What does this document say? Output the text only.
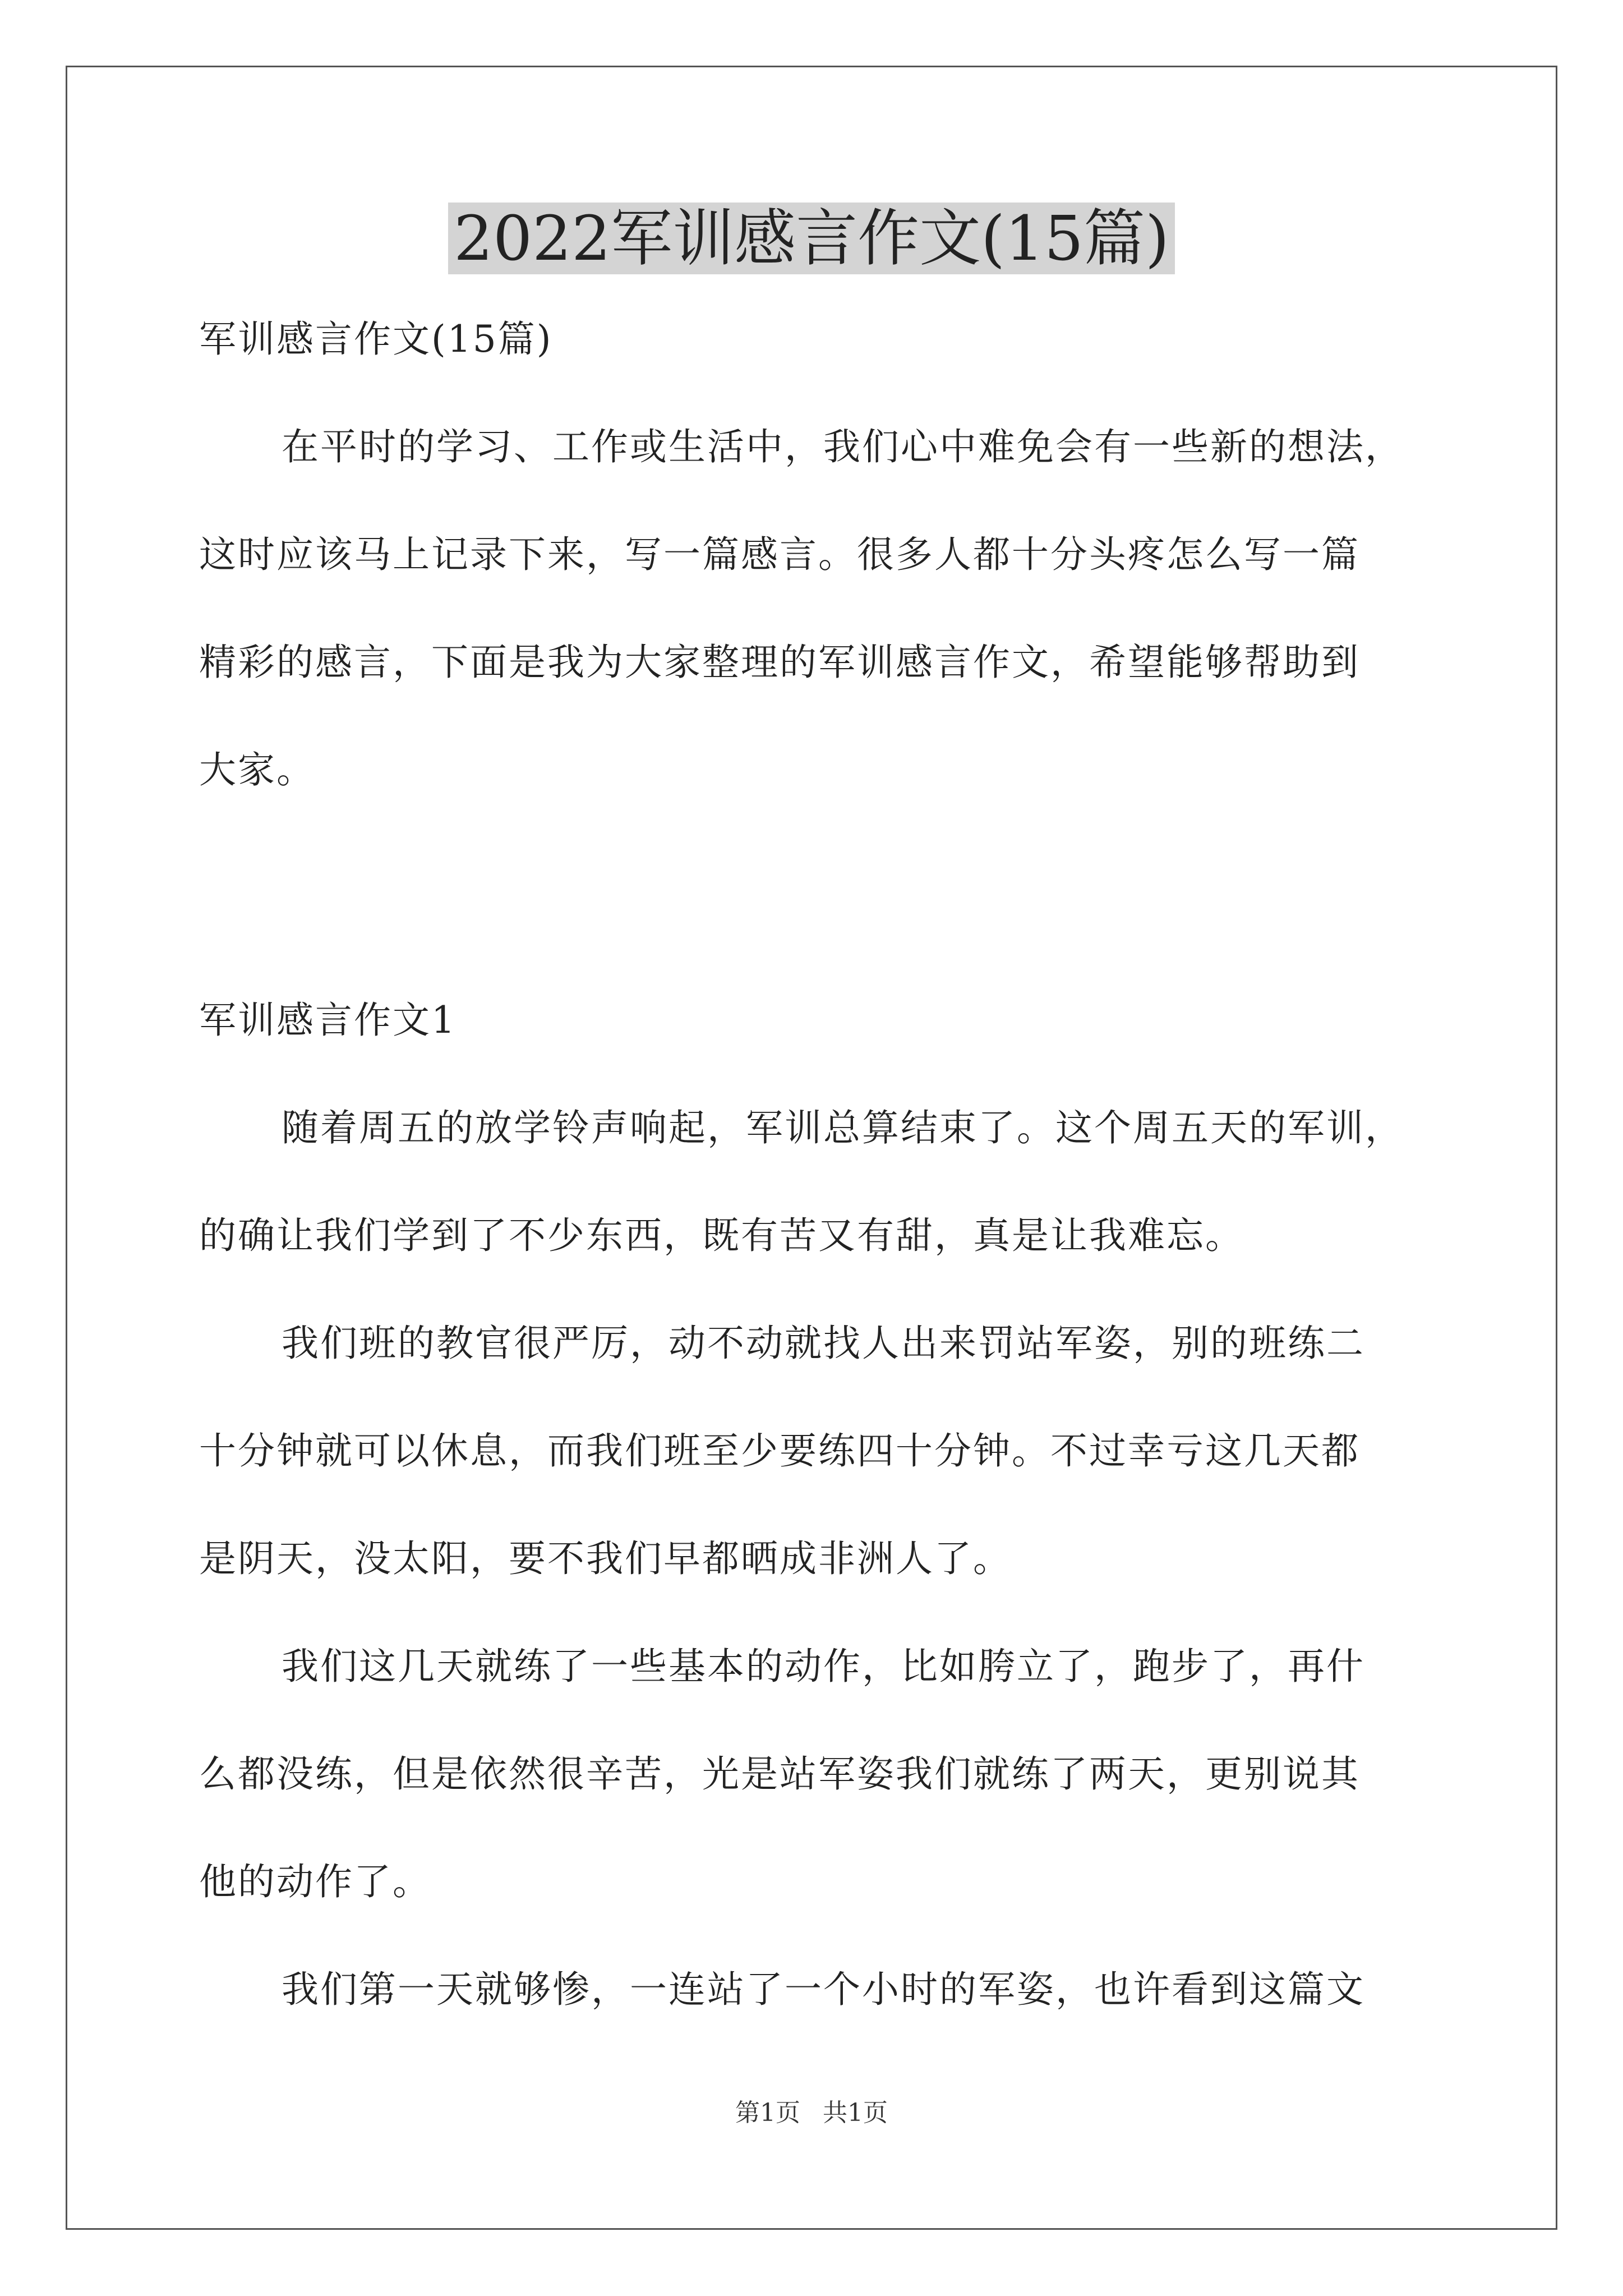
2022军训感言作文(15篇)
军训感言作文(15篇)
在平时的学习、工作或生活中，我们心中难免会有一些新的想法，
这时应该马上记录下来，写一篇感言。很多人都十分头疼怎么写一篇
精彩的感言，下面是我为大家整理的军训感言作文，希望能够帮助到
大家。
军训感言作文1
随着周五的放学铃声响起，军训总算结束了。这个周五天的军训，
的确让我们学到了不少东西，既有苦又有甜，真是让我难忘。
我们班的教官很严厉，动不动就找人出来罚站军姿，别的班练二
十分钟就可以休息，而我们班至少要练四十分钟。不过幸亏这几天都
是阴天，没太阳，要不我们早都晒成非洲人了。
我们这几天就练了一些基本的动作，比如胯立了，跑步了，再什
么都没练，但是依然很辛苦，光是站军姿我们就练了两天，更别说其
他的动作了。
我们第一天就够惨，一连站了一个小时的军姿，也许看到这篇文
第1页 共1页
